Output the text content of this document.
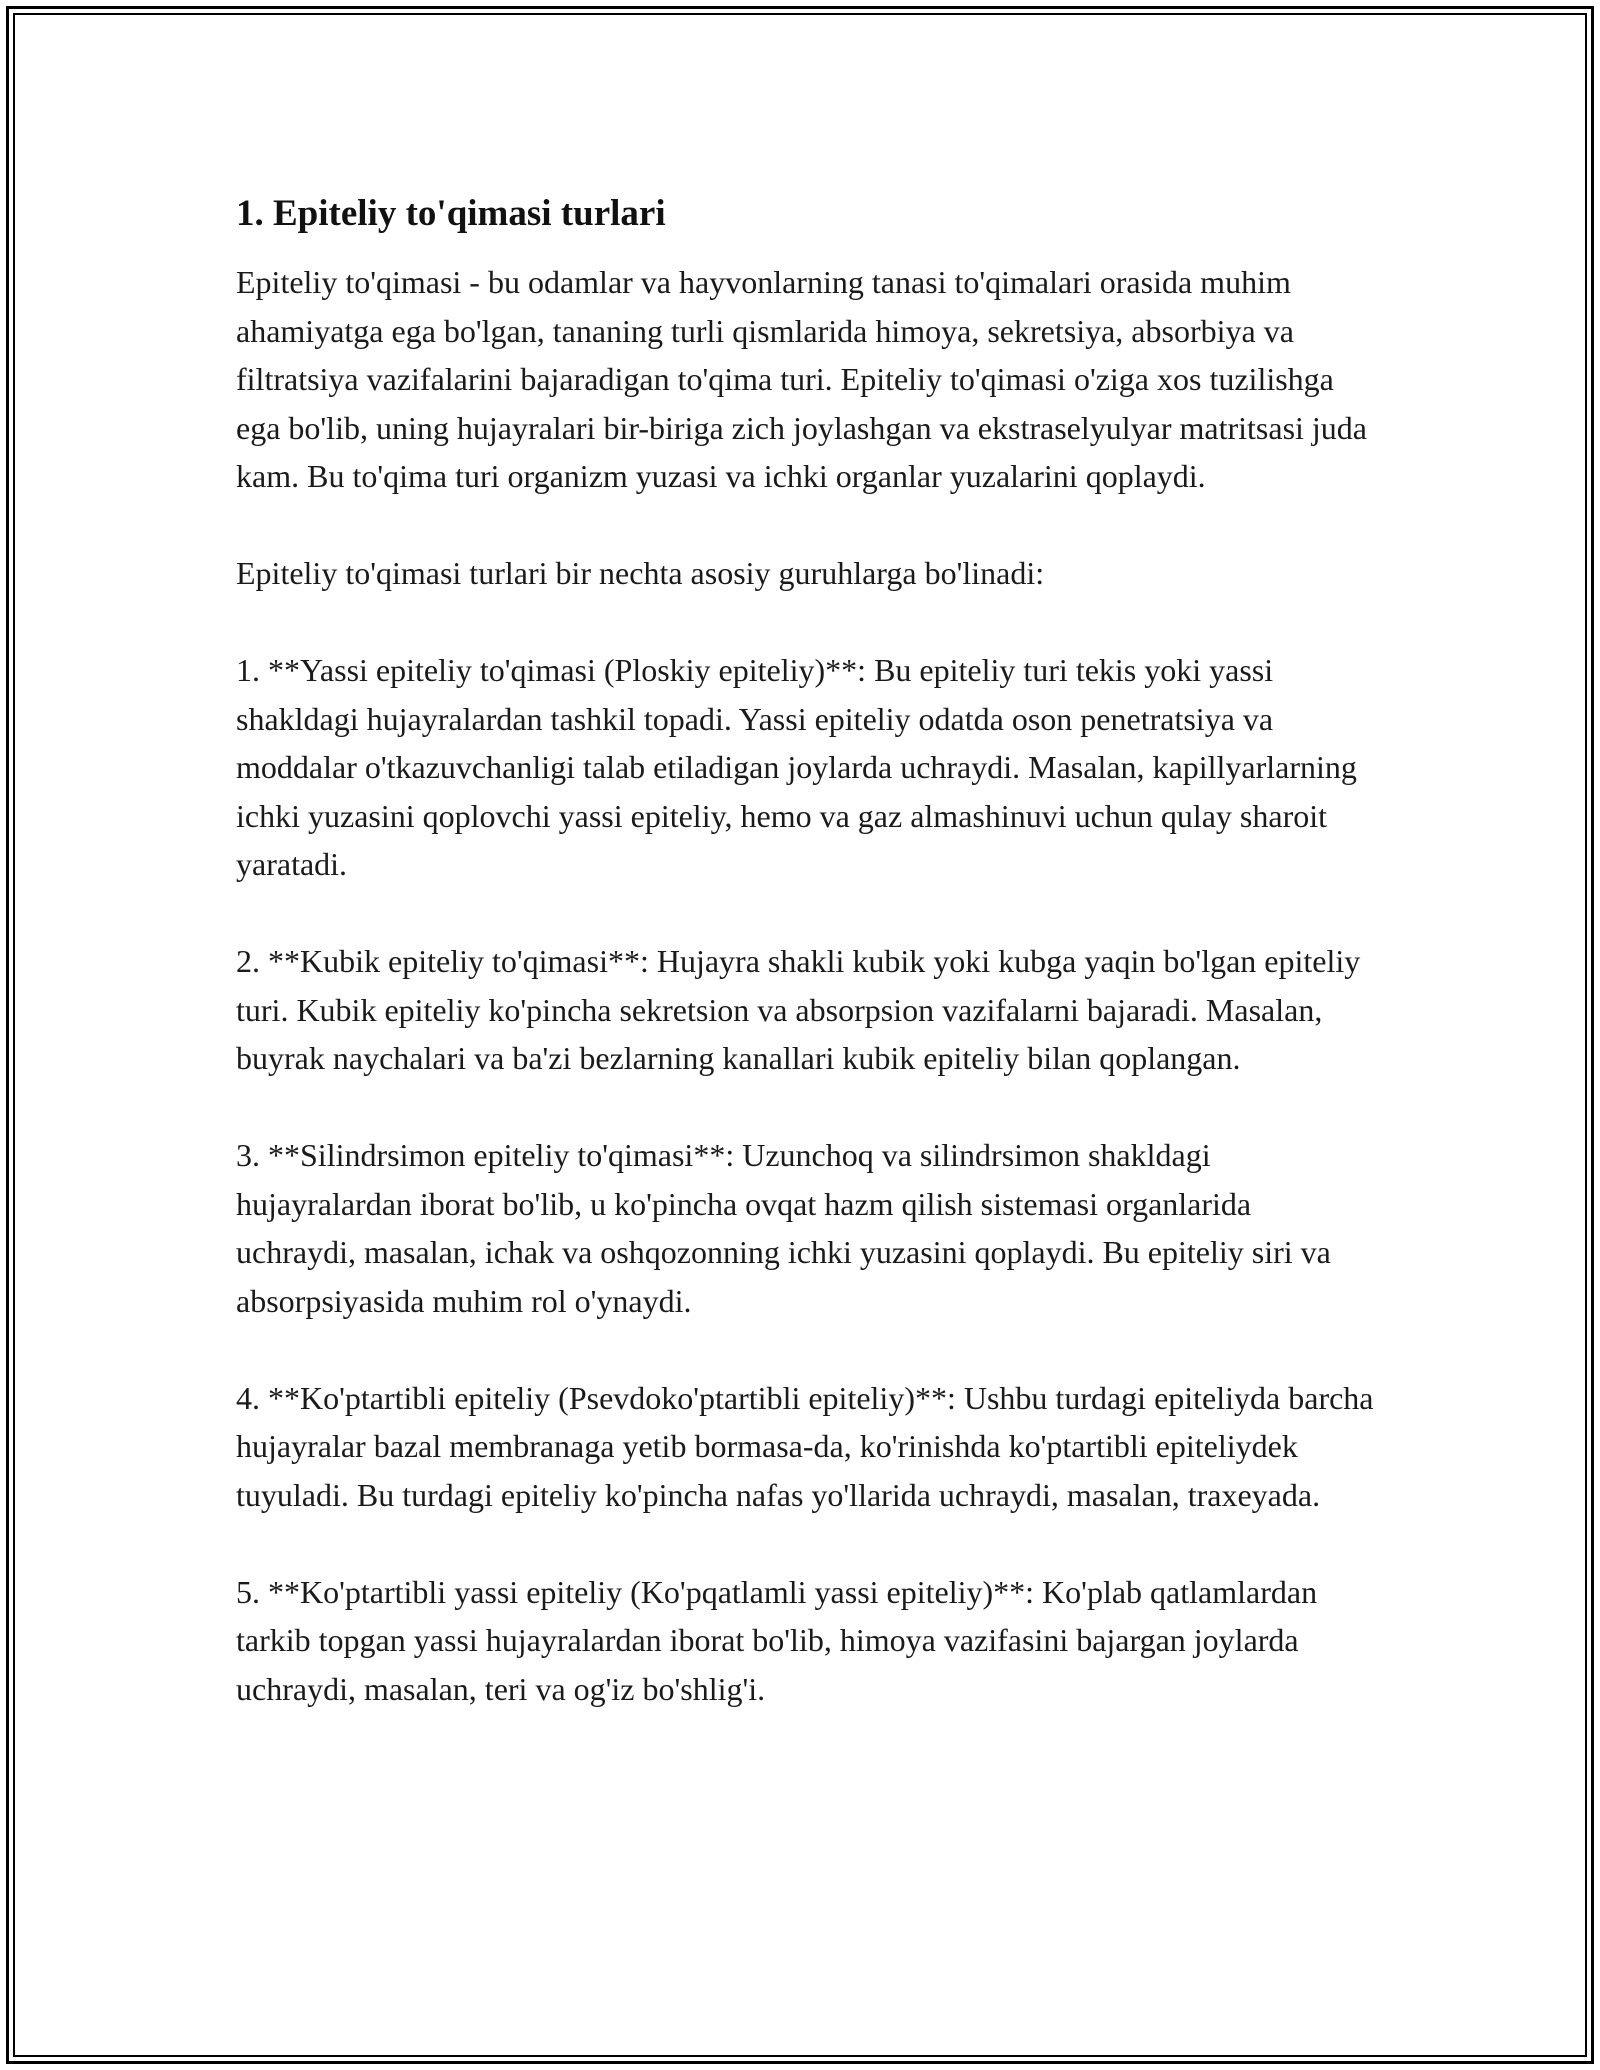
1. Epiteliy to'qimasi turlari

Epiteliy to'qimasi - bu odamlar va hayvonlarning tanasi to'qimalari orasida muhim ahamiyatga ega bo'lgan, tananing turli qismlarida himoya, sekretsiya, absorbiya va filtratsiya vazifalarini bajaradigan to'qima turi. Epiteliy to'qimasi o'ziga xos tuzilishga ega bo'lib, uning hujayralari bir-biriga zich joylashgan va ekstraselyulyar matritsasi juda kam. Bu to'qima turi organizm yuzasi va ichki organlar yuzalarini qoplaydi.

Epiteliy to'qimasi turlari bir nechta asosiy guruhlarga bo'linadi:

1. **Yassi epiteliy to'qimasi (Ploskiy epiteliy)**: Bu epiteliy turi tekis yoki yassi shakldagi hujayralardan tashkil topadi. Yassi epiteliy odatda oson penetratsiya va moddalar o'tkazuvchanligi talab etiladigan joylarda uchraydi. Masalan, kapillyarlarning ichki yuzasini qoplovchi yassi epiteliy, hemo va gaz almashinuvi uchun qulay sharoit yaratadi.

2. **Kubik epiteliy to'qimasi**: Hujayra shakli kubik yoki kubga yaqin bo'lgan epiteliy turi. Kubik epiteliy ko'pincha sekretsion va absorpsion vazifalarni bajaradi. Masalan, buyrak naychalari va ba'zi bezlarning kanallari kubik epiteliy bilan qoplangan.

3. **Silindrsimon epiteliy to'qimasi**: Uzunchoq va silindrsimon shakldagi hujayralardan iborat bo'lib, u ko'pincha ovqat hazm qilish sistemasi organlarida uchraydi, masalan, ichak va oshqozonning ichki yuzasini qoplaydi. Bu epiteliy siri va absorpsiyasida muhim rol o'ynaydi.

4. **Ko'ptartibli epiteliy (Psevdoko'ptartibli epiteliy)**: Ushbu turdagi epiteliyda barcha hujayralar bazal membranaga yetib bormasa-da, ko'rinishda ko'ptartibli epiteliydek tuyuladi. Bu turdagi epiteliy ko'pincha nafas yo'llarida uchraydi, masalan, traxeyada.

5. **Ko'ptartibli yassi epiteliy (Ko'pqatlamli yassi epiteliy)**: Ko'plab qatlamlardan tarkib topgan yassi hujayralardan iborat bo'lib, himoya vazifasini bajargan joylarda uchraydi, masalan, teri va og'iz bo'shlig'i.
